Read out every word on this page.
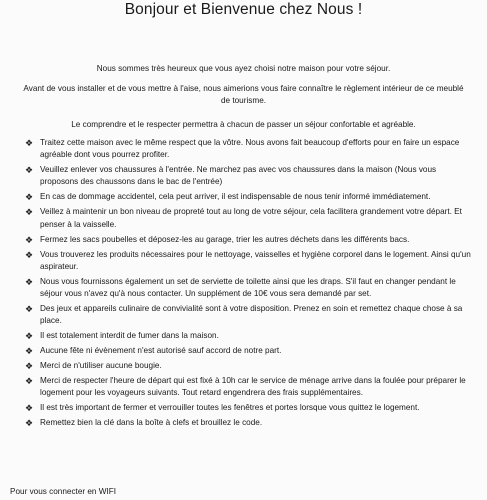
Bonjour et Bienvenue chez Nous !

Nous sommes très heureux que vous ayez choisi notre maison pour votre séjour.

Avant de vous installer et de vous mettre à l'aise, nous aimerions vous faire connaître le règlement intérieur de ce meublé de tourisme.

Le comprendre et le respecter permettra à chacun de passer un séjour confortable et agréable.

❖ Traitez cette maison avec le même respect que la vôtre. Nous avons fait beaucoup d'efforts pour en faire un espace agréable dont vous pourrez profiter.
❖ Veuillez enlever vos chaussures à l'entrée. Ne marchez pas avec vos chaussures dans la maison (Nous vous proposons des chaussons dans le bac de l'entrée)
❖ En cas de dommage accidentel, cela peut arriver, il est indispensable de nous tenir informé immédiatement.
❖ Veillez à maintenir un bon niveau de propreté tout au long de votre séjour, cela facilitera grandement votre départ. Et penser à la vaisselle.
❖ Fermez les sacs poubelles et déposez-les au garage, trier les autres déchets dans les différents bacs.
❖ Vous trouverez les produits nécessaires pour le nettoyage, vaisselles et hygiène corporel dans le logement. Ainsi qu'un aspirateur.
❖ Nous vous fournissons également un set de serviette de toilette ainsi que les draps. S'il faut en changer pendant le séjour vous n'avez qu'à nous contacter. Un supplément de 10€ vous sera demandé par set.
❖ Des jeux et appareils culinaire de convivialité sont à votre disposition. Prenez en soin et remettez chaque chose à sa place.
❖ Il est totalement interdit de fumer dans la maison.
❖ Aucune fête ni évènement n'est autorisé sauf accord de notre part.
❖ Merci de n'utiliser aucune bougie.
❖ Merci de respecter l'heure de départ qui est fixé à 10h car le service de ménage arrive dans la foulée pour préparer le logement pour les voyageurs suivants. Tout retard engendrera des frais supplémentaires.
❖ Il est très important de fermer et verrouiller toutes les fenêtres et portes lorsque vous quittez le logement.
❖ Remettez bien la clé dans la boîte à clefs et brouillez le code.
Pour vous connecter en WIFI
